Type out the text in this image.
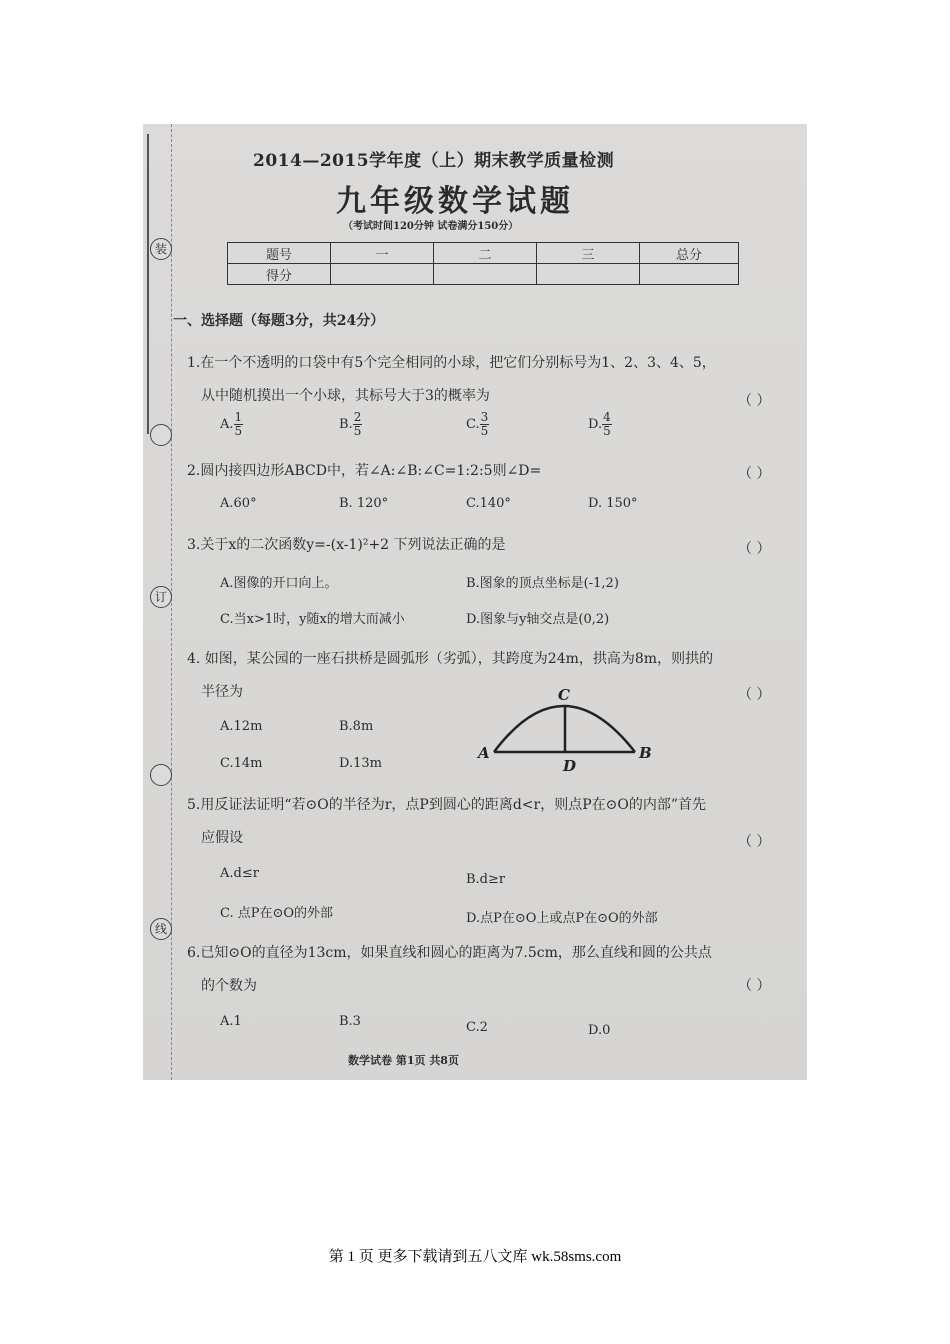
装
订
线
2014—2015学年度（上）期末教学质量检测
九年级数学试题
（考试时间120分钟 试卷满分150分）
题号	一	二	三	总分
得分				
一、选择题（每题3分，共24分）
1.在一个不透明的口袋中有5个完全相同的小球，把它们分别标号为1、2、3、4、5，
从中随机摸出一个小球，其标号大于3的概率为	（ ）
A. $\frac{1}{5}$	B. $\frac{2}{5}$	C. $\frac{3}{5}$	D. $\frac{4}{5}$
2.圆内接四边形ABCD中，若∠A:∠B:∠C=1:2:5则∠D=	（ ）
A.60°	B. 120°	C.140°	D. 150°
3.关于x的二次函数y=-(x-1)²+2 下列说法正确的是	（ ）
A.图像的开口向上。	B.图象的顶点坐标是(-1,2)
C.当x>1时，y随x的增大而减小	D.图象与y轴交点是(0,2)
4. 如图，某公园的一座石拱桥是圆弧形（劣弧），其跨度为24m，拱高为8m，则拱的
半径为	（ ）
A.12m	B.8m
C.14m	D.13m
C
A	B
D
5.用反证法证明“若⊙O的半径为r，点P到圆心的距离d<r，则点P在⊙O的内部”首先
应假设	（ ）
A.d≤r	B.d≥r
C. 点P在⊙O的外部	D.点P在⊙O上或点P在⊙O的外部
6.已知⊙O的直径为13cm，如果直线和圆心的距离为7.5cm，那么直线和圆的公共点
的个数为	（ ）
A.1	B.3	C.2	D.0
数学试卷 第1页 共8页
第 1 页 更多下载请到五八文库 wk.58sms.com
